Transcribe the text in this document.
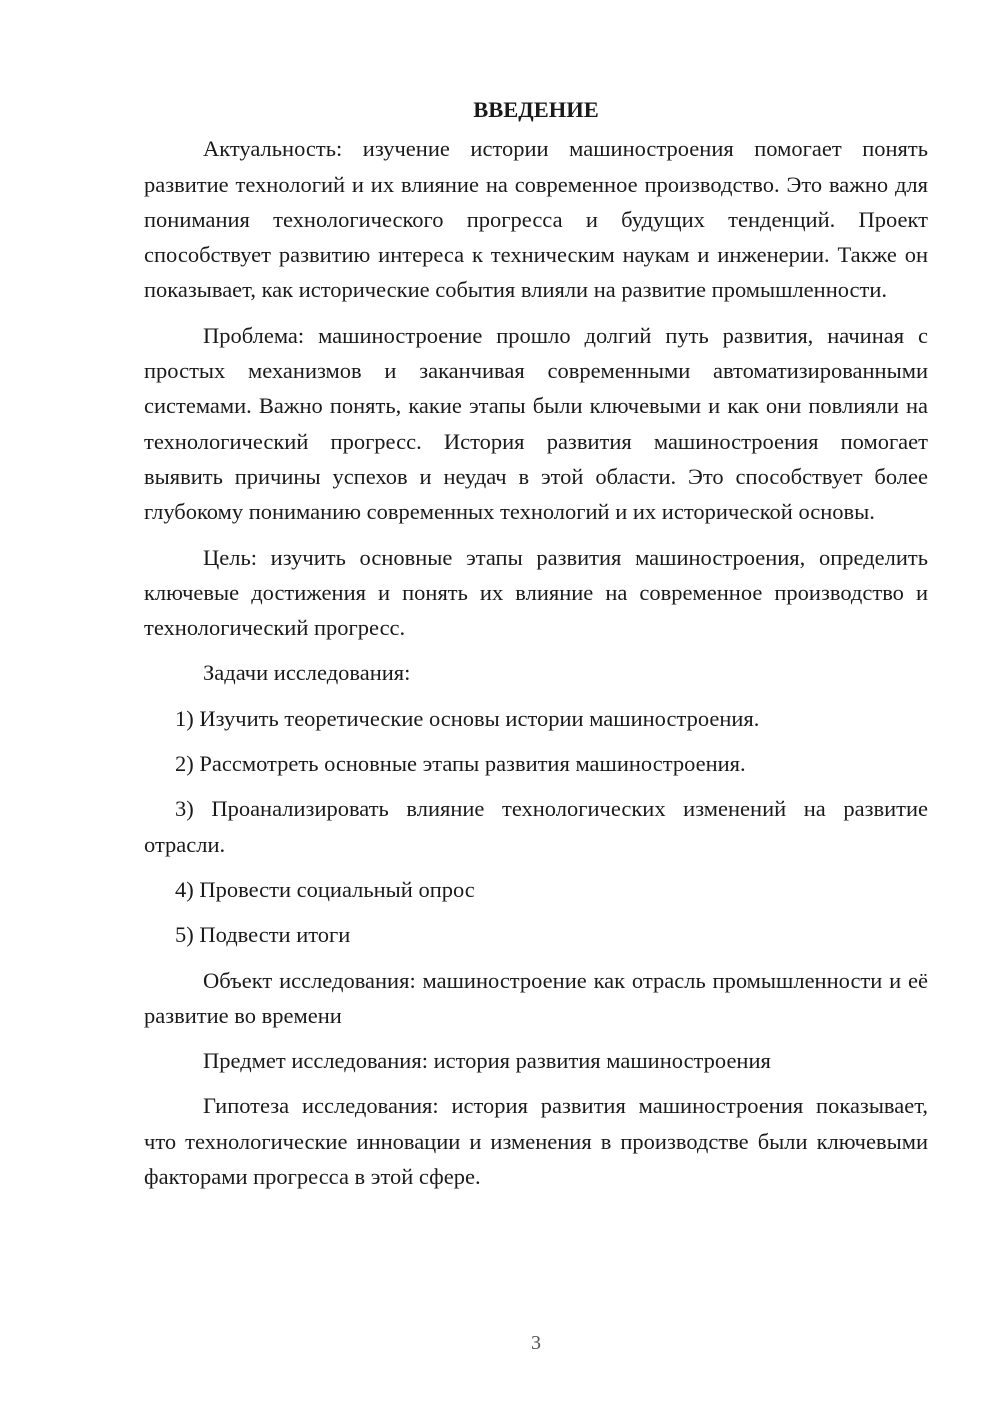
ВВЕДЕНИЕ

Актуальность: изучение истории машиностроения помогает понять развитие технологий и их влияние на современное производство. Это важно для понимания технологического прогресса и будущих тенденций. Проект способствует развитию интереса к техническим наукам и инженерии. Также он показывает, как исторические события влияли на развитие промышленности.

Проблема: машиностроение прошло долгий путь развития, начиная с простых механизмов и заканчивая современными автоматизированными системами. Важно понять, какие этапы были ключевыми и как они повлияли на технологический прогресс. История развития машиностроения помогает выявить причины успехов и неудач в этой области. Это способствует более глубокому пониманию современных технологий и их исторической основы.

Цель: изучить основные этапы развития машиностроения, определить ключевые достижения и понять их влияние на современное производство и технологический прогресс.

Задачи исследования:

1) Изучить теоретические основы истории машиностроения.

2) Рассмотреть основные этапы развития машиностроения.

3) Проанализировать влияние технологических изменений на развитие отрасли.

4) Провести социальный опрос

5) Подвести итоги

Объект исследования: машиностроение как отрасль промышленности и её развитие во времени

Предмет исследования: история развития машиностроения

Гипотеза исследования: история развития машиностроения показывает, что технологические инновации и изменения в производстве были ключевыми факторами прогресса в этой сфере.

3
